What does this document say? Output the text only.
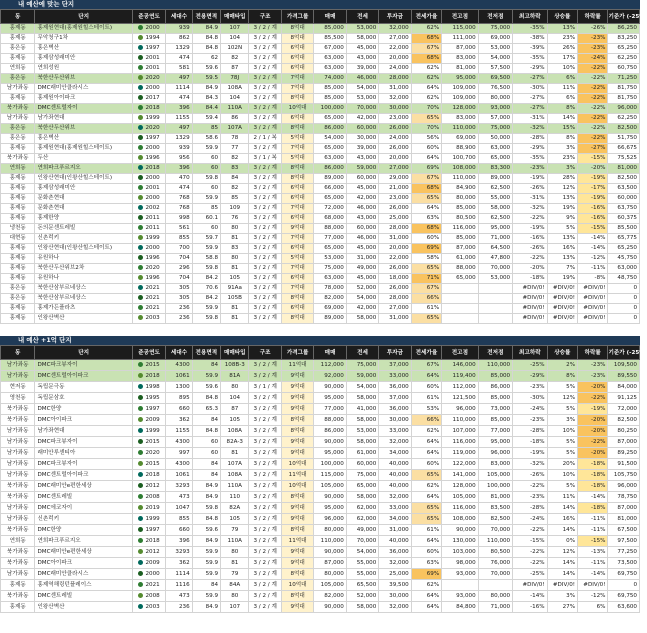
내 예산에 맞는 단지
동	단지	준공연도	세대수	전용면적	매매타입	구조	가격그룹	매매	전세	투자금	전세가율	전고점	전저점	최고하락	상승률	하락률	기준가 (-25%)
홍제동	홍제원현대(홍제원힐스테이트)	2000	939	84.9	107	3 / 2 / 계	8억대	85,000	53,000	32,000	62%	115,000	75,000	-35%	13%	-26%	86,250
홍제동	무악청구1차	1994	862	84.8	104	3 / 2 / 계	8억대	85,500	58,000	27,000	68%	111,000	69,000	-38%	23%	-23%	83,250
홍은동	홍은벽산	1997	1329	84.8	102N	3 / 2 / 계	6억대	67,000	45,000	22,000	67%	87,000	53,000	-39%	26%	-23%	65,250
홍제동	홍제삼성래미안	2001	474	62	82	3 / 2 / 계	6억대	63,000	43,000	20,000	68%	83,000	54,000	-35%	17%	-24%	62,250
연희동	연희성원	2001	581	59.6	87	3 / 2 / 계	6억대	63,000	39,000	24,000	62%	81,000	57,500	-29%	10%	-22%	60,750
홍은동	북한산두산위브	2020	497	59.5	78J	3 / 2 / 계	7억대	74,000	46,000	28,000	62%	95,000	69,500	-27%	6%	-22%	71,250
남가좌동	DMC래미안클라시스	2000	1114	84.9	108A	3 / 2 / 계	7억대	85,000	54,000	31,000	64%	109,000	76,500	-30%	11%	-22%	81,750
홍제동	홍제원아이파크	2017	474	84.3	104	3 / 2 / 계	8억대	85,000	53,000	32,000	62%	109,000	80,000	-27%	6%	-22%	81,750
북가좌동	DMC센트럴자이	2018	396	84.4	110A	3 / 2 / 계	10억대	100,000	70,000	30,000	70%	128,000	93,000	-27%	8%	-22%	96,000
남가좌동	남가좌현대	1999	1155	59.4	86	3 / 2 / 계	6억대	65,000	42,000	23,000	65%	83,000	57,000	-31%	14%	-22%	62,250
홍은동	북한산두산위브	2020	497	85	107A	3 / 2 / 계	8억대	86,000	60,000	26,000	70%	110,000	75,000	-32%	15%	-22%	82,500
홍은동	홍은벽산	1997	1329	58.6	78	2 / 1 / 복	5억대	54,000	30,000	24,000	56%	69,000	50,000	-28%	8%	-22%	51,750
홍제동	홍제원현대(홍제원힐스테이트)	2000	939	59.9	77	3 / 2 / 계	7억대	65,000	39,000	26,000	60%	88,900	63,000	-29%	3%	-27%	66,675
북가좌동	두산	1996	956	60	82	3 / 1 / 복	5억대	63,000	43,000	20,000	64%	100,700	65,000	-35%	23%	-15%	75,525
연희동	연희파크푸르지오	2018	396	60	83	3 / 2 / 계	8억대	86,000	59,000	27,000	69%	108,000	83,300	-23%	3%	-20%	81,000
홍제동	인왕산현대(인왕산힐스테이트)	2000	470	59.8	84	3 / 2 / 계	8억대	89,000	60,000	29,000	67%	110,000	89,000	-19%	28%	-19%	82,500
홍제동	홍제삼성래미안	2001	474	60	82	3 / 2 / 계	6억대	66,000	45,000	21,000	68%	84,900	62,500	-26%	12%	-17%	63,500
홍제동	문화촌현대	2000	768	59.9	85	3 / 2 / 계	6억대	65,000	42,000	23,000	65%	80,000	55,000	-31%	13%	-19%	60,000
홍제동	문화촌현대	2002	768	85	109	3 / 2 / 계	7억대	72,000	46,000	26,000	64%	85,000	58,000	-32%	19%	-16%	63,750
홍제동	홍제한양	2011	998	60.1	76	3 / 2 / 계	6억대	68,000	43,000	25,000	63%	80,500	62,500	-22%	9%	-16%	60,375
냉천동	돈의문센트레빌	2011	561	60	80	3 / 2 / 계	9억대	88,000	60,000	28,000	68%	116,000	95,000	-19%	5%	-15%	85,500
대현동	신촌럭키	1999	855	59.7	81	3 / 2 / 계	7억대	77,000	46,000	31,000	60%	85,000	71,000	-16%	13%	-14%	65,775
홍제동	인왕산현대(인왕산힐스테이트)	2000	700	59.9	83	3 / 2 / 계	6억대	65,000	45,000	20,000	69%	87,000	64,500	-26%	16%	-14%	65,250
홍제동	유원하나	1996	704	58.8	80	3 / 2 / 계	5억대	53,000	31,000	22,000	58%	61,000	47,800	-22%	13%	-12%	45,750
홍제동	북한산두산위브2차	2020	296	59.8	81	3 / 2 / 계	7억대	75,000	49,000	26,000	65%	88,000	70,000	-20%	7%	-11%	63,000
홍제동	유원하나	1996	704	84.2	105	3 / 2 / 계	6억대	63,000	45,000	18,000	71%	65,000	53,000	-18%	19%	-8%	48,750
홍은동	북한산삼부르네상스	2021	305	70.6	91Aa	3 / 2 / 계	7억대	78,000	52,000	26,000	67%			#DIV/0!	#DIV/0!	#DIV/0!	0
홍은동	북한산삼부르네상스	2021	305	84.2	105B	3 / 2 / 계	8억대	82,000	54,000	28,000	66%			#DIV/0!	#DIV/0!	#DIV/0!	0
홍제동	홍제가든플라츠	2021	236	59.9	81	3 / 2 / 계	6억대	69,000	42,000	27,000	61%			#DIV/0!	#DIV/0!	#DIV/0!	0
홍제동	인왕산벽산	2003	236	59.8	81	3 / 2 / 계	8억대	89,000	58,000	31,000	65%			#DIV/0!	#DIV/0!	#DIV/0!	0
내 예산 +1억 단지
동	단지	준공연도	세대수	전용면적	매매타입	구조	가격그룹	매매	전세	투자금	전세가율	전고점	전저점	최고하락	상승률	하락률	기준가 (-25%)
남가좌동	DMC파크뷰자이	2015	4300	84	108B-3	3 / 2 / 계	11억대	112,000	75,000	37,000	67%	146,000	110,000	-25%	2%	-23%	109,500
남가좌동	DMC센트럴아이파크	2018	1061	59.9	81A	3 / 2 / 계	9억대	92,000	59,000	33,000	64%	119,400	85,000	-29%	8%	-23%	89,550
현저동	독립문극동	1998	1300	59.6	80	3 / 1 / 계	9억대	90,000	54,000	36,000	60%	112,000	86,000	-23%	5%	-20%	84,000
영천동	독립문삼호	1995	895	84.8	104	3 / 2 / 계	9억대	95,000	58,000	37,000	61%	121,500	85,000	-30%	12%	-22%	91,125
북가좌동	DMC한양	1997	660	65.3	87	3 / 2 / 계	9억대	77,000	41,000	36,000	53%	96,000	73,000	-24%	5%	-19%	72,000
북가좌동	DMC아이파크	2009	362	84	105	3 / 2 / 계	8억대	88,000	58,000	30,000	66%	110,000	85,000	-23%	3%	-20%	82,500
남가좌동	남가좌현대	1999	1155	84.8	108A	3 / 2 / 계	8억대	86,000	53,000	33,000	62%	107,000	77,000	-28%	10%	-20%	80,250
남가좌동	DMC파크뷰자이	2015	4300	60	82A-3	3 / 2 / 계	9억대	90,000	58,000	32,000	64%	116,000	95,000	-18%	5%	-22%	87,000
남가좌동	래미안루센티아	2020	997	60	81	3 / 2 / 계	9억대	95,000	61,000	34,000	64%	119,000	96,000	-19%	5%	-20%	89,250
남가좌동	DMC파크뷰자이	2015	4300	84	107A	3 / 2 / 계	10억대	100,000	60,000	40,000	60%	122,000	83,000	-32%	20%	-18%	91,500
남가좌동	DMC센트럴아이파크	2018	1061	84	108A	3 / 2 / 계	11억대	115,000	75,000	40,000	65%	141,000	105,000	-26%	10%	-18%	105,750
북가좌동	DMC래미안e편한세상	2012	3293	84.9	110A	3 / 2 / 계	10억대	105,000	65,000	40,000	62%	128,000	100,000	-22%	5%	-18%	96,000
북가좌동	DMC센트레빌	2008	473	84.9	110	3 / 2 / 계	8억대	90,000	58,000	32,000	64%	105,000	81,000	-23%	11%	-14%	78,750
남가좌동	DMC에코자이	2019	1047	59.8	82A	3 / 2 / 계	9억대	95,000	62,000	33,000	65%	116,000	83,500	-28%	14%	-18%	87,000
남가좌동	신촌럭키	1999	855	84.8	105	3 / 2 / 계	9억대	96,000	62,000	34,000	65%	108,000	82,500	-24%	16%	-11%	81,000
북가좌동	DMC한양	1997	660	59.6	79	3 / 2 / 계	8억대	80,000	49,000	31,000	61%	90,000	70,000	-22%	14%	-11%	67,500
연희동	연희파크푸르지오	2018	396	84.9	110A	3 / 2 / 계	11억대	110,000	70,000	40,000	64%	130,000	110,000	-15%	0%	-15%	97,500
북가좌동	DMC래미안e편한세상	2012	3293	59.9	80	3 / 2 / 계	9억대	90,000	54,000	36,000	60%	103,000	80,500	-22%	12%	-13%	77,250
북가좌동	DMC아이파크	2009	362	59.9	81	3 / 2 / 계	9억대	87,000	55,000	32,000	63%	98,000	76,000	-22%	14%	-11%	73,500
남가좌동	DMC래미안클라시스	2000	1114	59.9	79	3 / 2 / 계	8억대	80,000	55,000	25,000	69%	93,000	70,000	-25%	14%	-14%	69,750
홍제동	홍제역해링턴플레이스	2021	1116	84	84A	3 / 2 / 계	10억대	105,000	65,500	39,500	62%			#DIV/0!	#DIV/0!	#DIV/0!	0
북가좌동	DMC센트레빌	2008	473	59.9	80	3 / 2 / 계	8억대	82,000	52,000	30,000	64%	93,000	80,000	-14%	3%	-12%	69,750
홍제동	인왕산벽산	2003	236	84.9	107	3 / 2 / 계	9억대	90,000	58,000	32,000	64%	84,800	71,000	-16%	27%	6%	63,600
